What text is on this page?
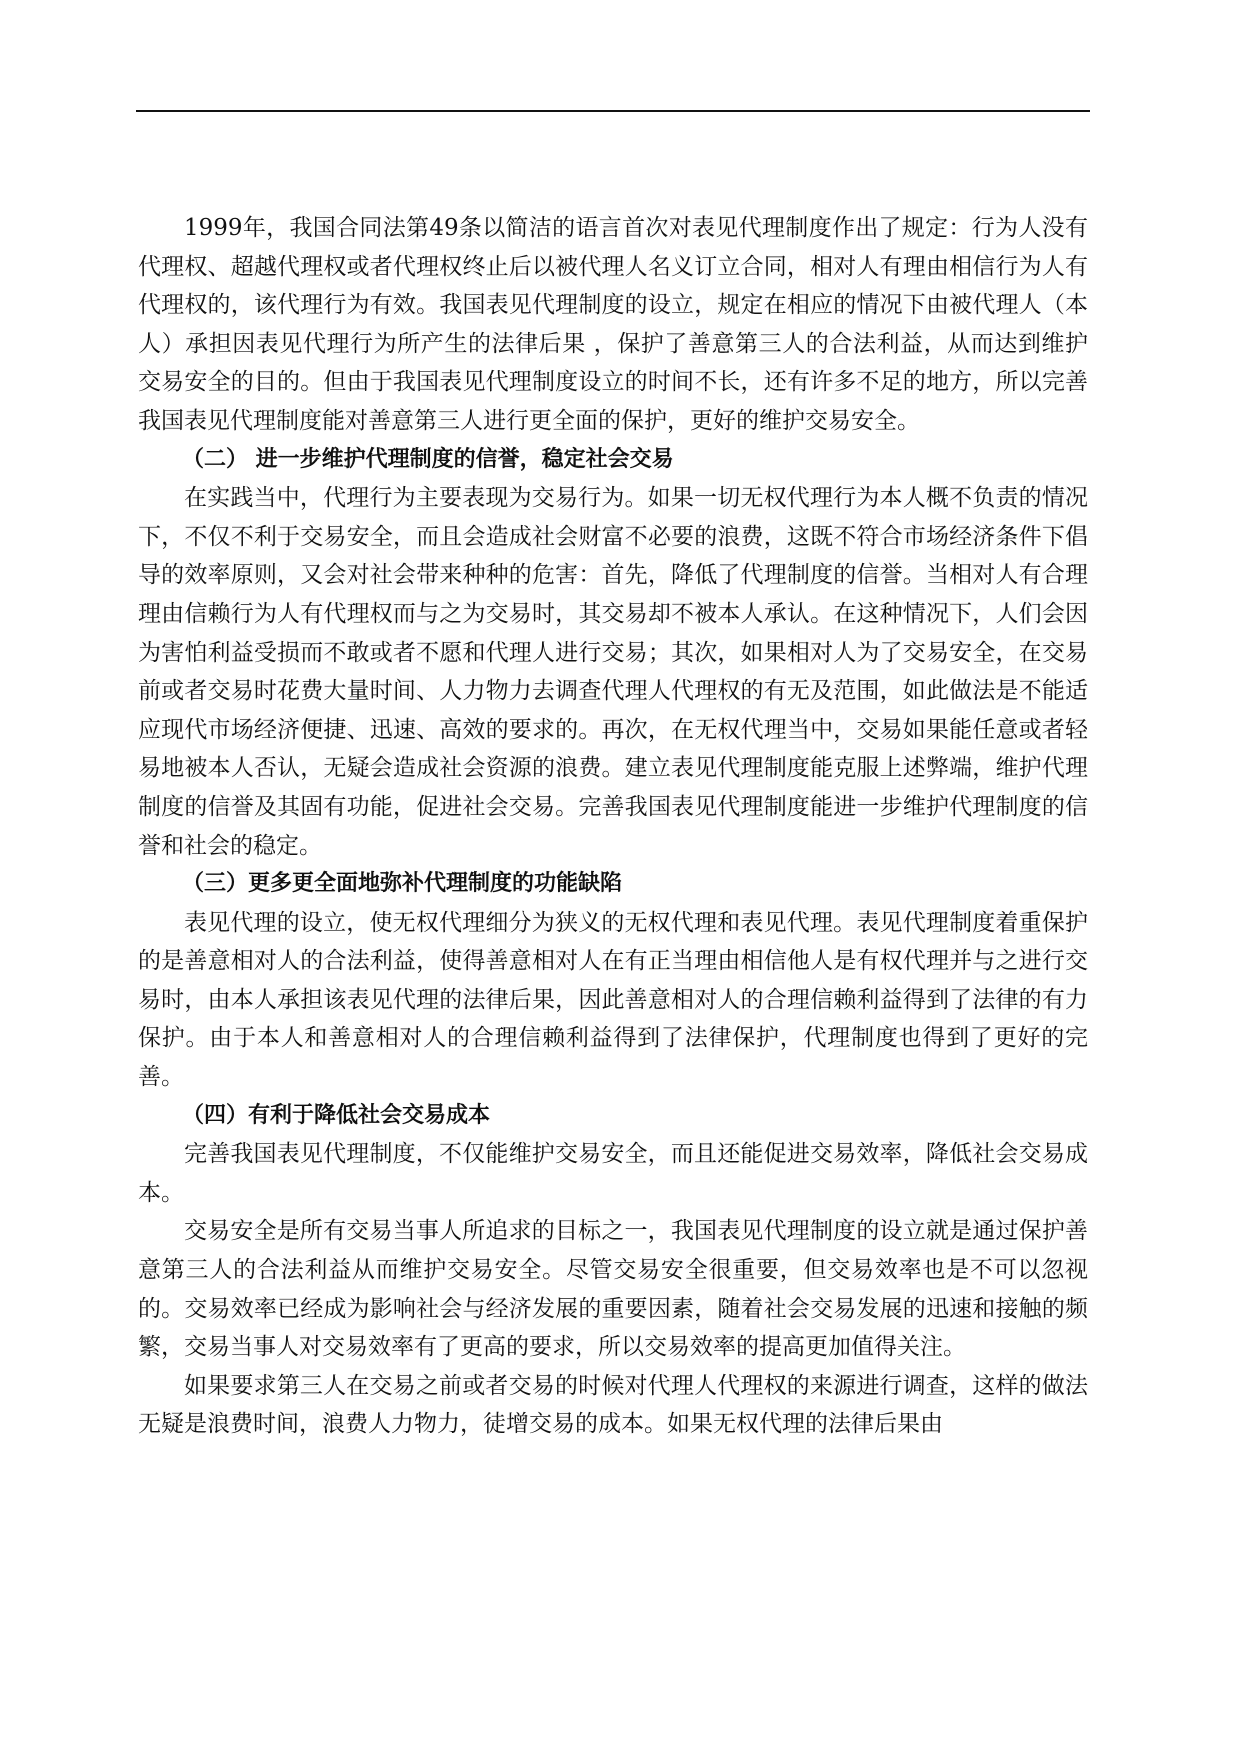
1999年，我国合同法第49条以简洁的语言首次对表见代理制度作出了规定：行为人没有代理权、超越代理权或者代理权终止后以被代理人名义订立合同，相对人有理由相信行为人有代理权的，该代理行为有效。我国表见代理制度的设立，规定在相应的情况下由被代理人（本人）承担因表见代理行为所产生的法律后果 ，保护了善意第三人的合法利益，从而达到维护交易安全的目的。但由于我国表见代理制度设立的时间不长，还有许多不足的地方，所以完善我国表见代理制度能对善意第三人进行更全面的保护，更好的维护交易安全。

（二） 进一步维护代理制度的信誉，稳定社会交易

在实践当中，代理行为主要表现为交易行为。如果一切无权代理行为本人概不负责的情况下，不仅不利于交易安全，而且会造成社会财富不必要的浪费，这既不符合市场经济条件下倡导的效率原则，又会对社会带来种种的危害：首先，降低了代理制度的信誉。当相对人有合理理由信赖行为人有代理权而与之为交易时，其交易却不被本人承认。在这种情况下，人们会因为害怕利益受损而不敢或者不愿和代理人进行交易；其次，如果相对人为了交易安全，在交易前或者交易时花费大量时间、人力物力去调查代理人代理权的有无及范围，如此做法是不能适应现代市场经济便捷、迅速、高效的要求的。再次，在无权代理当中，交易如果能任意或者轻易地被本人否认，无疑会造成社会资源的浪费。建立表见代理制度能克服上述弊端，维护代理制度的信誉及其固有功能，促进社会交易。完善我国表见代理制度能进一步维护代理制度的信誉和社会的稳定。

（三）更多更全面地弥补代理制度的功能缺陷

表见代理的设立，使无权代理细分为狭义的无权代理和表见代理。表见代理制度着重保护的是善意相对人的合法利益，使得善意相对人在有正当理由相信他人是有权代理并与之进行交易时，由本人承担该表见代理的法律后果，因此善意相对人的合理信赖利益得到了法律的有力保护。由于本人和善意相对人的合理信赖利益得到了法律保护，代理制度也得到了更好的完善。

（四）有利于降低社会交易成本

完善我国表见代理制度，不仅能维护交易安全，而且还能促进交易效率，降低社会交易成本。

交易安全是所有交易当事人所追求的目标之一，我国表见代理制度的设立就是通过保护善意第三人的合法利益从而维护交易安全。尽管交易安全很重要，但交易效率也是不可以忽视的。交易效率已经成为影响社会与经济发展的重要因素，随着社会交易发展的迅速和接触的频繁，交易当事人对交易效率有了更高的要求，所以交易效率的提高更加值得关注。

如果要求第三人在交易之前或者交易的时候对代理人代理权的来源进行调查，这样的做法无疑是浪费时间，浪费人力物力，徒增交易的成本。如果无权代理的法律后果由
